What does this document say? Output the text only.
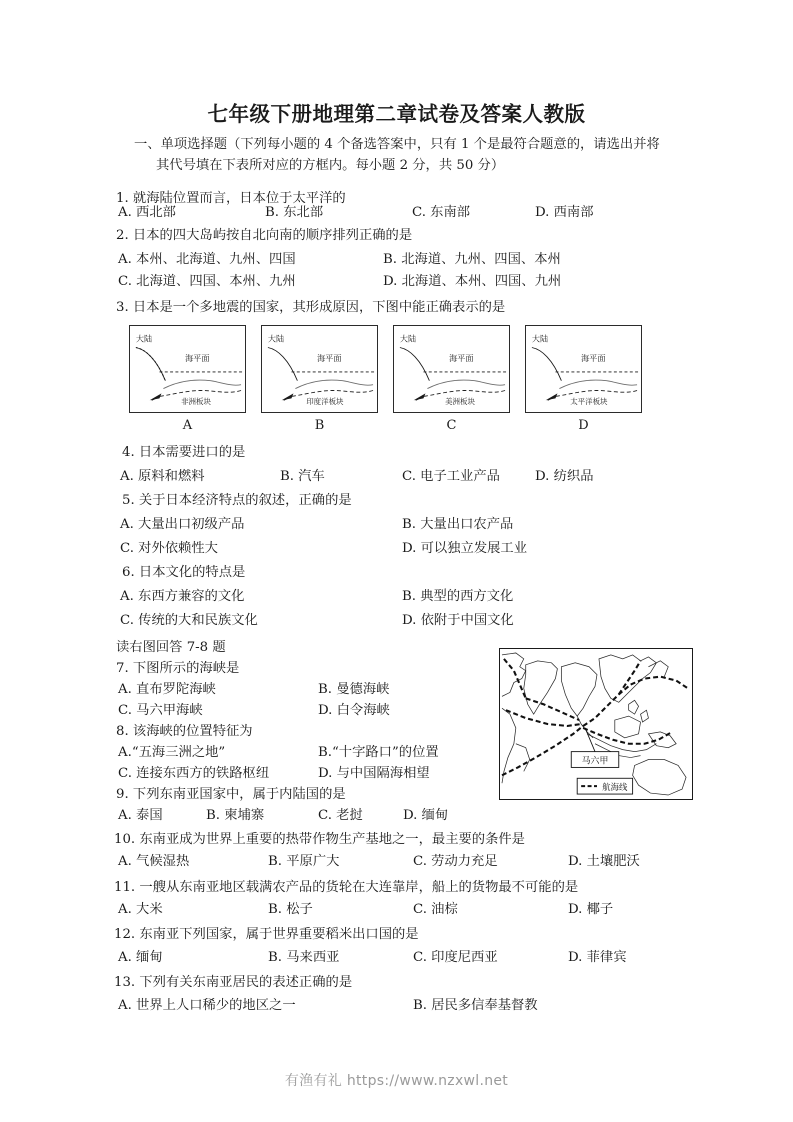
七年级下册地理第二章试卷及答案人教版
一、单项选择题（下列每小题的 4 个备选答案中，只有 1 个是最符合题意的，请选出并将
其代号填在下表所对应的方框内。每小题 2 分，共 50 分）
1. 就海陆位置而言，日本位于太平洋的
A. 西北部	B. 东北部	C. 东南部	D. 西南部
2. 日本的四大岛屿按自北向南的顺序排列正确的是
A. 本州、北海道、九州、四国	B. 北海道、九州、四国、本州
C. 北海道、四国、本州、九州	D. 北海道、本州、四国、九州
3. 日本是一个多地震的国家，其形成原因，下图中能正确表示的是
大陆
海平面
非洲板块
大陆
海平面
印度洋板块
大陆
海平面
美洲板块
大陆
海平面
太平洋板块
A	B	C	D
4. 日本需要进口的是
A. 原料和燃料	B. 汽车	C. 电子工业产品	D. 纺织品
5. 关于日本经济特点的叙述，正确的是
A. 大量出口初级产品	B. 大量出口农产品
C. 对外依赖性大	D. 可以独立发展工业
6. 日本文化的特点是
A. 东西方兼容的文化	B. 典型的西方文化
C. 传统的大和民族文化	D. 依附于中国文化
读右图回答 7-8 题
7. 下图所示的海峡是
A. 直布罗陀海峡	B. 曼德海峡
C. 马六甲海峡	D. 白令海峡
8. 该海峡的位置特征为
A.“五海三洲之地”	B.“十字路口”的位置
C. 连接东西方的铁路枢纽	D. 与中国隔海相望
9. 下列东南亚国家中，属于内陆国的是
A. 泰国	B. 柬埔寨	C. 老挝	D. 缅甸
马六甲
航海线
10. 东南亚成为世界上重要的热带作物生产基地之一，最主要的条件是
A. 气候湿热	B. 平原广大	C. 劳动力充足	D. 土壤肥沃
11. 一艘从东南亚地区载满农产品的货轮在大连靠岸，船上的货物最不可能的是
A. 大米	B. 松子	C. 油棕	D. 椰子
12. 东南亚下列国家，属于世界重要稻米出口国的是
A. 缅甸	B. 马来西亚	C. 印度尼西亚	D. 菲律宾
13. 下列有关东南亚居民的表述正确的是
A. 世界上人口稀少的地区之一	B. 居民多信奉基督教
有渔有礼 https://www.nzxwl.net
